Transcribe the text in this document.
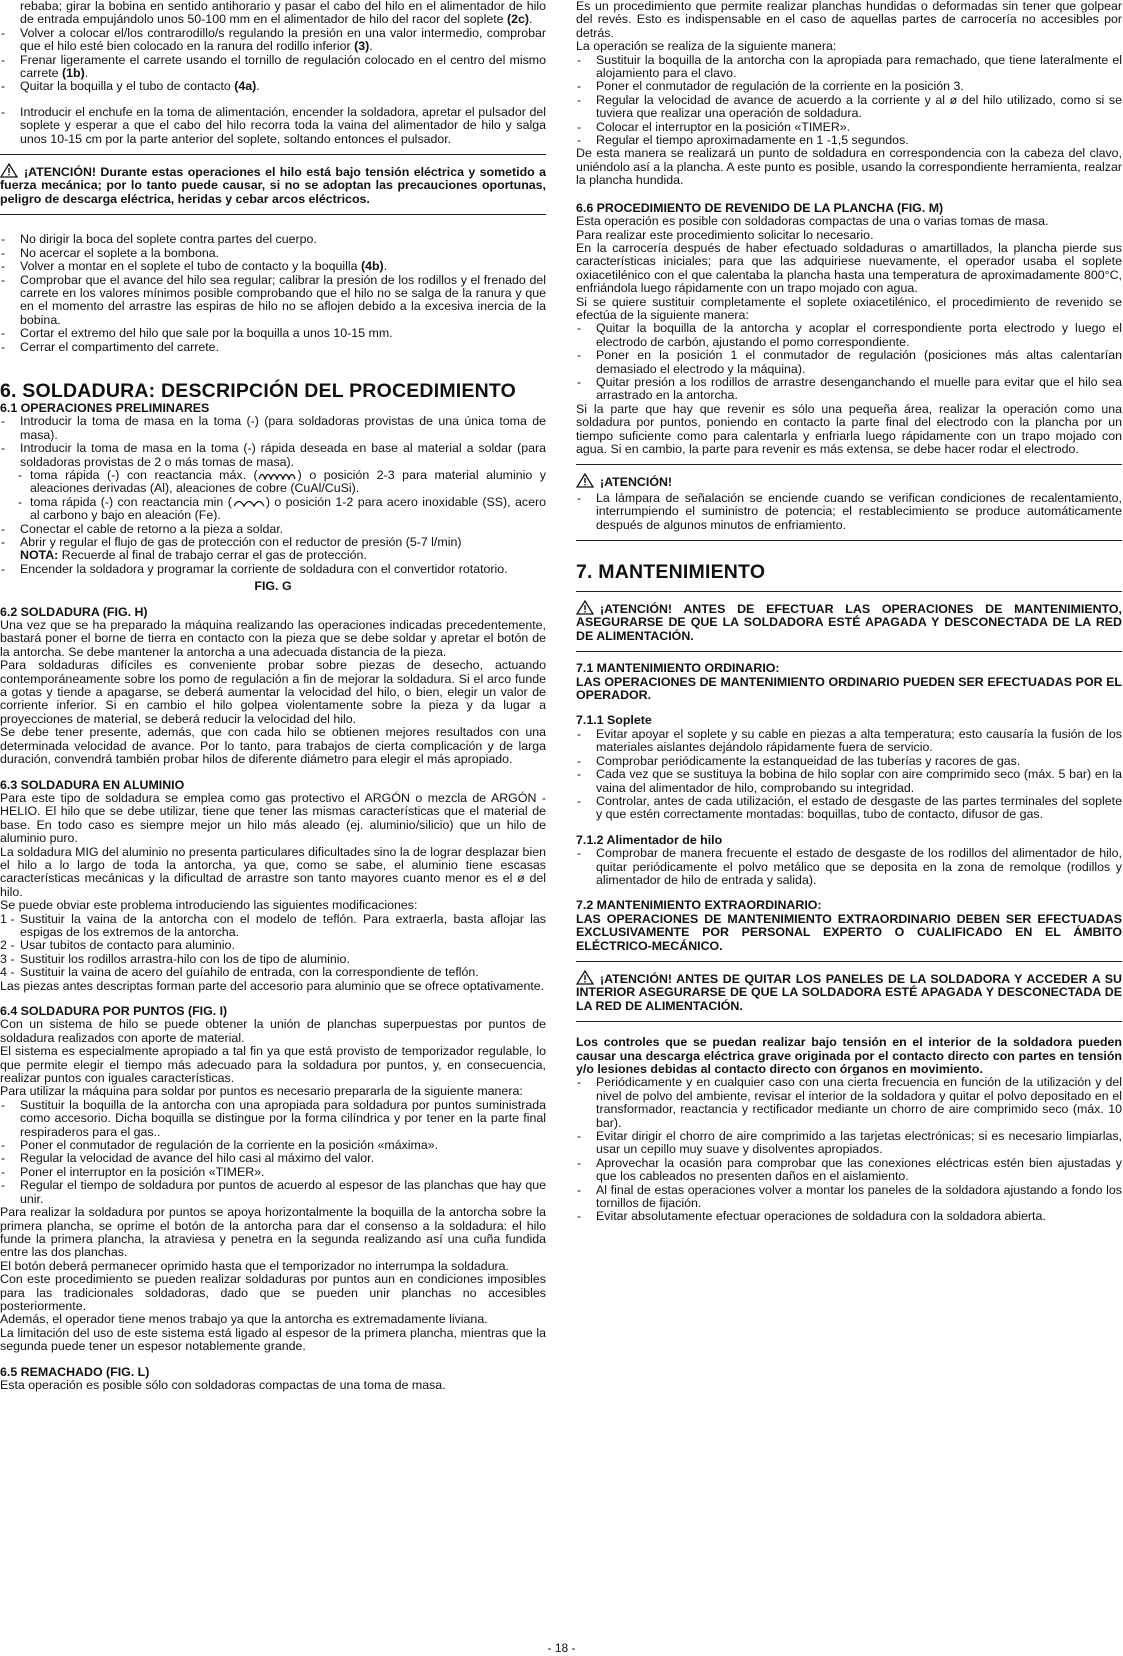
rebaba; girar la bobina en sentido antihorario y pasar el cabo del hilo en el alimentador de hilo de entrada empujándolo unos 50-100 mm en el alimentador de hilo del racor del soplete (2c).

- Volver a colocar el/los contrarodillo/s regulando la presión en una valor intermedio, comprobar que el hilo esté bien colocado en la ranura del rodillo inferior (3).

- Frenar ligeramente el carrete usando el tornillo de regulación colocado en el centro del mismo carrete (1b).

- Quitar la boquilla y el tubo de contacto (4a).

- Introducir el enchufe en la toma de alimentación, encender la soldadora, apretar el pulsador del soplete y esperar a que el cabo del hilo recorra toda la vaina del alimentador de hilo y salga unos 10-15 cm por la parte anterior del soplete, soltando entonces el pulsador.

¡ATENCIÓN! Durante estas operaciones el hilo está bajo tensión eléctrica y sometido a fuerza mecánica; por lo tanto puede causar, si no se adoptan las precauciones oportunas, peligro de descarga eléctrica, heridas y cebar arcos eléctricos.

- No dirigir la boca del soplete contra partes del cuerpo.

- No acercar el soplete a la bombona.

- Volver a montar en el soplete el tubo de contacto y la boquilla (4b).

- Comprobar que el avance del hilo sea regular; calibrar la presión de los rodillos y el frenado del carrete en los valores mínimos posible comprobando que el hilo no se salga de la ranura y que en el momento del arrastre las espiras de hilo no se aflojen debido a la excesiva inercia de la bobina.

- Cortar el extremo del hilo que sale por la boquilla a unos 10-15 mm.

- Cerrar el compartimento del carrete.

6. SOLDADURA: DESCRIPCIÓN DEL PROCEDIMIENTO
6.1 OPERACIONES PRELIMINARES

- Introducir la toma de masa en la toma (-) (para soldadoras provistas de una única toma de masa).

- Introducir la toma de masa en la toma (-) rápida deseada en base al material a soldar (para soldadoras provistas de 2 o más tomas de masa).

- toma rápida (-) con reactancia máx. (	) o posición 2-3 para material aluminio y aleaciones derivadas (Al), aleaciones de cobre (CuAl/CuSi).

- toma rápida (-) con reactancia min (	) o posición 1-2 para acero inoxidable (SS), acero al carbono y bajo en aleación (Fe).

- Conectar el cable de retorno a la pieza a soldar.

- Abrir y regular el flujo de gas de protección con el reductor de presión (5-7 l/min)

NOTA: Recuerde al final de trabajo cerrar el gas de protección.

- Encender la soldadora y programar la corriente de soldadura con el convertidor rotatorio.

FIG. G
6.2 SOLDADURA (FIG. H)

Una vez que se ha preparado la máquina realizando las operaciones indicadas precedentemente, bastará poner el borne de tierra en contacto con la pieza que se debe soldar y apretar el botón de la antorcha. Se debe mantener la antorcha a una adecuada distancia de la pieza.

Para soldaduras difíciles es conveniente probar sobre piezas de desecho, actuando contemporáneamente sobre los pomo de regulación a fin de mejorar la soldadura. Si el arco funde a gotas y tiende a apagarse, se deberá aumentar la velocidad del hilo, o bien, elegir un valor de corriente inferior. Si en cambio el hilo golpea violentamente sobre la pieza y da lugar a proyecciones de material, se deberá reducir la velocidad del hilo.

Se debe tener presente, además, que con cada hilo se obtienen mejores resultados con una determinada velocidad de avance. Por lo tanto, para trabajos de cierta complicación y de larga duración, convendrá también probar hilos de diferente diámetro para elegir el más apropiado.

6.3 SOLDADURA EN ALUMINIO

Para este tipo de soldadura se emplea como gas protectivo el ARGÓN o mezcla de ARGÓN - HELIO. El hilo que se debe utilizar, tiene que tener las mismas características que el material de base. En todo caso es siempre mejor un hilo más aleado (ej. aluminio/silicio) que un hilo de aluminio puro.

La soldadura MIG del aluminio no presenta particulares dificultades sino la de lograr desplazar bien el hilo a lo largo de toda la antorcha, ya que, como se sabe, el aluminio tiene escasas características mecánicas y la dificultad de arrastre son tanto mayores cuanto menor es el ø del hilo.

Se puede obviar este problema introduciendo las siguientes modificaciones:

1 - Sustituir la vaina de la antorcha con el modelo de teflón. Para extraerla, basta aflojar las espigas de los extremos de la antorcha.

2 - Usar tubitos de contacto para aluminio.

3 - Sustituir los rodillos arrastra-hilo con los de tipo de aluminio.

4 - Sustituir la vaina de acero del guíahilo de entrada, con la correspondiente de teflón.

Las piezas antes descriptas forman parte del accesorio para aluminio que se ofrece optativamente.

6.4 SOLDADURA POR PUNTOS (FIG. I)

Con un sistema de hilo se puede obtener la unión de planchas superpuestas por puntos de soldadura realizados con aporte de material.

El sistema es especialmente apropiado a tal fin ya que está provisto de temporizador regulable, lo que permite elegir el tiempo más adecuado para la soldadura por puntos, y, en consecuencia, realizar puntos con iguales características.

Para utilizar la máquina para soldar por puntos es necesario prepararla de la siguiente manera:

- Sustituir la boquilla de la antorcha con una apropiada para soldadura por puntos suministrada como accesorio. Dicha boquilla se distingue por la forma cilíndrica y por tener en la parte final respiraderos para el gas..

- Poner el conmutador de regulación de la corriente en la posición «máxima».

- Regular la velocidad de avance del hilo casi al máximo del valor.

- Poner el interruptor en la posición «TIMER».

- Regular el tiempo de soldadura por puntos de acuerdo al espesor de las planchas que hay que unir.

Para realizar la soldadura por puntos se apoya horizontalmente la boquilla de la antorcha sobre la primera plancha, se oprime el botón de la antorcha para dar el consenso a la soldadura: el hilo funde la primera plancha, la atraviesa y penetra en la segunda realizando así una cuña fundida entre las dos planchas.

El botón deberá permanecer oprimido hasta que el temporizador no interrumpa la soldadura.

Con este procedimiento se pueden realizar soldaduras por puntos aun en condiciones imposibles para las tradicionales soldadoras, dado que se pueden unir planchas no accesibles posteriormente.

Además, el operador tiene menos trabajo ya que la antorcha es extremadamente liviana.

La limitación del uso de este sistema está ligado al espesor de la primera plancha, mientras que la segunda puede tener un espesor notablemente grande.

6.5 REMACHADO (FIG. L)

Esta operación es posible sólo con soldadoras compactas de una toma de masa.

Es un procedimiento que permite realizar planchas hundidas o deformadas sin tener que golpear del revés. Esto es indispensable en el caso de aquellas partes de carrocería no accesibles por detrás.

La operación se realiza de la siguiente manera:

- Sustituir la boquilla de la antorcha con la apropiada para remachado, que tiene lateralmente el alojamiento para el clavo.

- Poner el conmutador de regulación de la corriente en la posición 3.

- Regular la velocidad de avance de acuerdo a la corriente y al ø del hilo utilizado, como si se tuviera que realizar una operación de soldadura.

- Colocar el interruptor en la posición «TIMER».

- Regular el tiempo aproximadamente en 1 -1,5 segundos.

De esta manera se realizará un punto de soldadura en correspondencia con la cabeza del clavo, uniéndolo así a la plancha. A este punto es posible, usando la correspondiente herramienta, realzar la plancha hundida.

6.6 PROCEDIMIENTO DE REVENIDO DE LA PLANCHA (FIG. M)

Esta operación es posible con soldadoras compactas de una o varias tomas de masa.

Para realizar este procedimiento solicitar lo necesario.

En la carrocería después de haber efectuado soldaduras o amartillados, la plancha pierde sus características iniciales; para que las adquiriese nuevamente, el operador usaba el soplete oxiacetilénico con el que calentaba la plancha hasta una temperatura de aproximadamente 800°C, enfriándola luego rápidamente con un trapo mojado con agua.

Si se quiere sustituir completamente el soplete oxiacetilénico, el procedimiento de revenido se efectúa de la siguiente manera:

- Quitar la boquilla de la antorcha y acoplar el correspondiente porta electrodo y luego el electrodo de carbón, ajustando el pomo correspondiente.

- Poner en la posición 1 el conmutador de regulación (posiciones más altas calentarían demasiado el electrodo y la máquina).

- Quitar presión a los rodillos de arrastre desenganchando el muelle para evitar que el hilo sea arrastrado en la antorcha.

Si la parte que hay que revenir es sólo una pequeña área, realizar la operación como una soldadura por puntos, poniendo en contacto la parte final del electrodo con la plancha por un tiempo suficiente como para calentarla y enfriarla luego rápidamente con un trapo mojado con agua. Si en cambio, la parte para revenir es más extensa, se debe hacer rodar el electrodo.

¡ATENCIÓN!

- La lámpara de señalación se enciende cuando se verifican condiciones de recalentamiento, interrumpiendo el suministro de potencia; el restablecimiento se produce automáticamente después de algunos minutos de enfriamiento.

7. MANTENIMIENTO

¡ATENCIÓN! ANTES DE EFECTUAR LAS OPERACIONES DE MANTENIMIENTO, ASEGURARSE DE QUE LA SOLDADORA ESTÉ APAGADA Y DESCONECTADA DE LA RED DE ALIMENTACIÓN.

7.1 MANTENIMIENTO ORDINARIO:

LAS OPERACIONES DE MANTENIMIENTO ORDINARIO PUEDEN SER EFECTUADAS POR EL OPERADOR.

7.1.1 Soplete

- Evitar apoyar el soplete y su cable en piezas a alta temperatura; esto causaría la fusión de los materiales aislantes dejándolo rápidamente fuera de servicio.

- Comprobar periódicamente la estanqueidad de las tuberías y racores de gas.

- Cada vez que se sustituya la bobina de hilo soplar con aire comprimido seco (máx. 5 bar) en la vaina del alimentador de hilo, comprobando su integridad.

- Controlar, antes de cada utilización, el estado de desgaste de las partes terminales del soplete y que estén correctamente montadas: boquillas, tubo de contacto, difusor de gas.

7.1.2 Alimentador de hilo

- Comprobar de manera frecuente el estado de desgaste de los rodillos del alimentador de hilo, quitar periódicamente el polvo metálico que se deposita en la zona de remolque (rodillos y alimentador de hilo de entrada y salida).

7.2 MANTENIMIENTO EXTRAORDINARIO:

LAS OPERACIONES DE MANTENIMIENTO EXTRAORDINARIO DEBEN SER EFECTUADAS EXCLUSIVAMENTE POR PERSONAL EXPERTO O CUALIFICADO EN EL ÁMBITO ELÉCTRICO-MECÁNICO.

¡ATENCIÓN! ANTES DE QUITAR LOS PANELES DE LA SOLDADORA Y ACCEDER A SU INTERIOR ASEGURARSE DE QUE LA SOLDADORA ESTÉ APAGADA Y DESCONECTADA DE LA RED DE ALIMENTACIÓN.

Los controles que se puedan realizar bajo tensión en el interior de la soldadora pueden causar una descarga eléctrica grave originada por el contacto directo con partes en tensión y/o lesiones debidas al contacto directo con órganos en movimiento.

- Periódicamente y en cualquier caso con una cierta frecuencia en función de la utilización y del nivel de polvo del ambiente, revisar el interior de la soldadora y quitar el polvo depositado en el transformador, reactancia y rectificador mediante un chorro de aire comprimido seco (máx. 10 bar).

- Evitar dirigir el chorro de aire comprimido a las tarjetas electrónicas; si es necesario limpiarlas, usar un cepillo muy suave y disolventes apropiados.

- Aprovechar la ocasión para comprobar que las conexiones eléctricas estén bien ajustadas y que los cableados no presenten daños en el aislamiento.

- Al final de estas operaciones volver a montar los paneles de la soldadora ajustando a fondo los tornillos de fijación.

- Evitar absolutamente efectuar operaciones de soldadura con la soldadora abierta.

- 18 -
